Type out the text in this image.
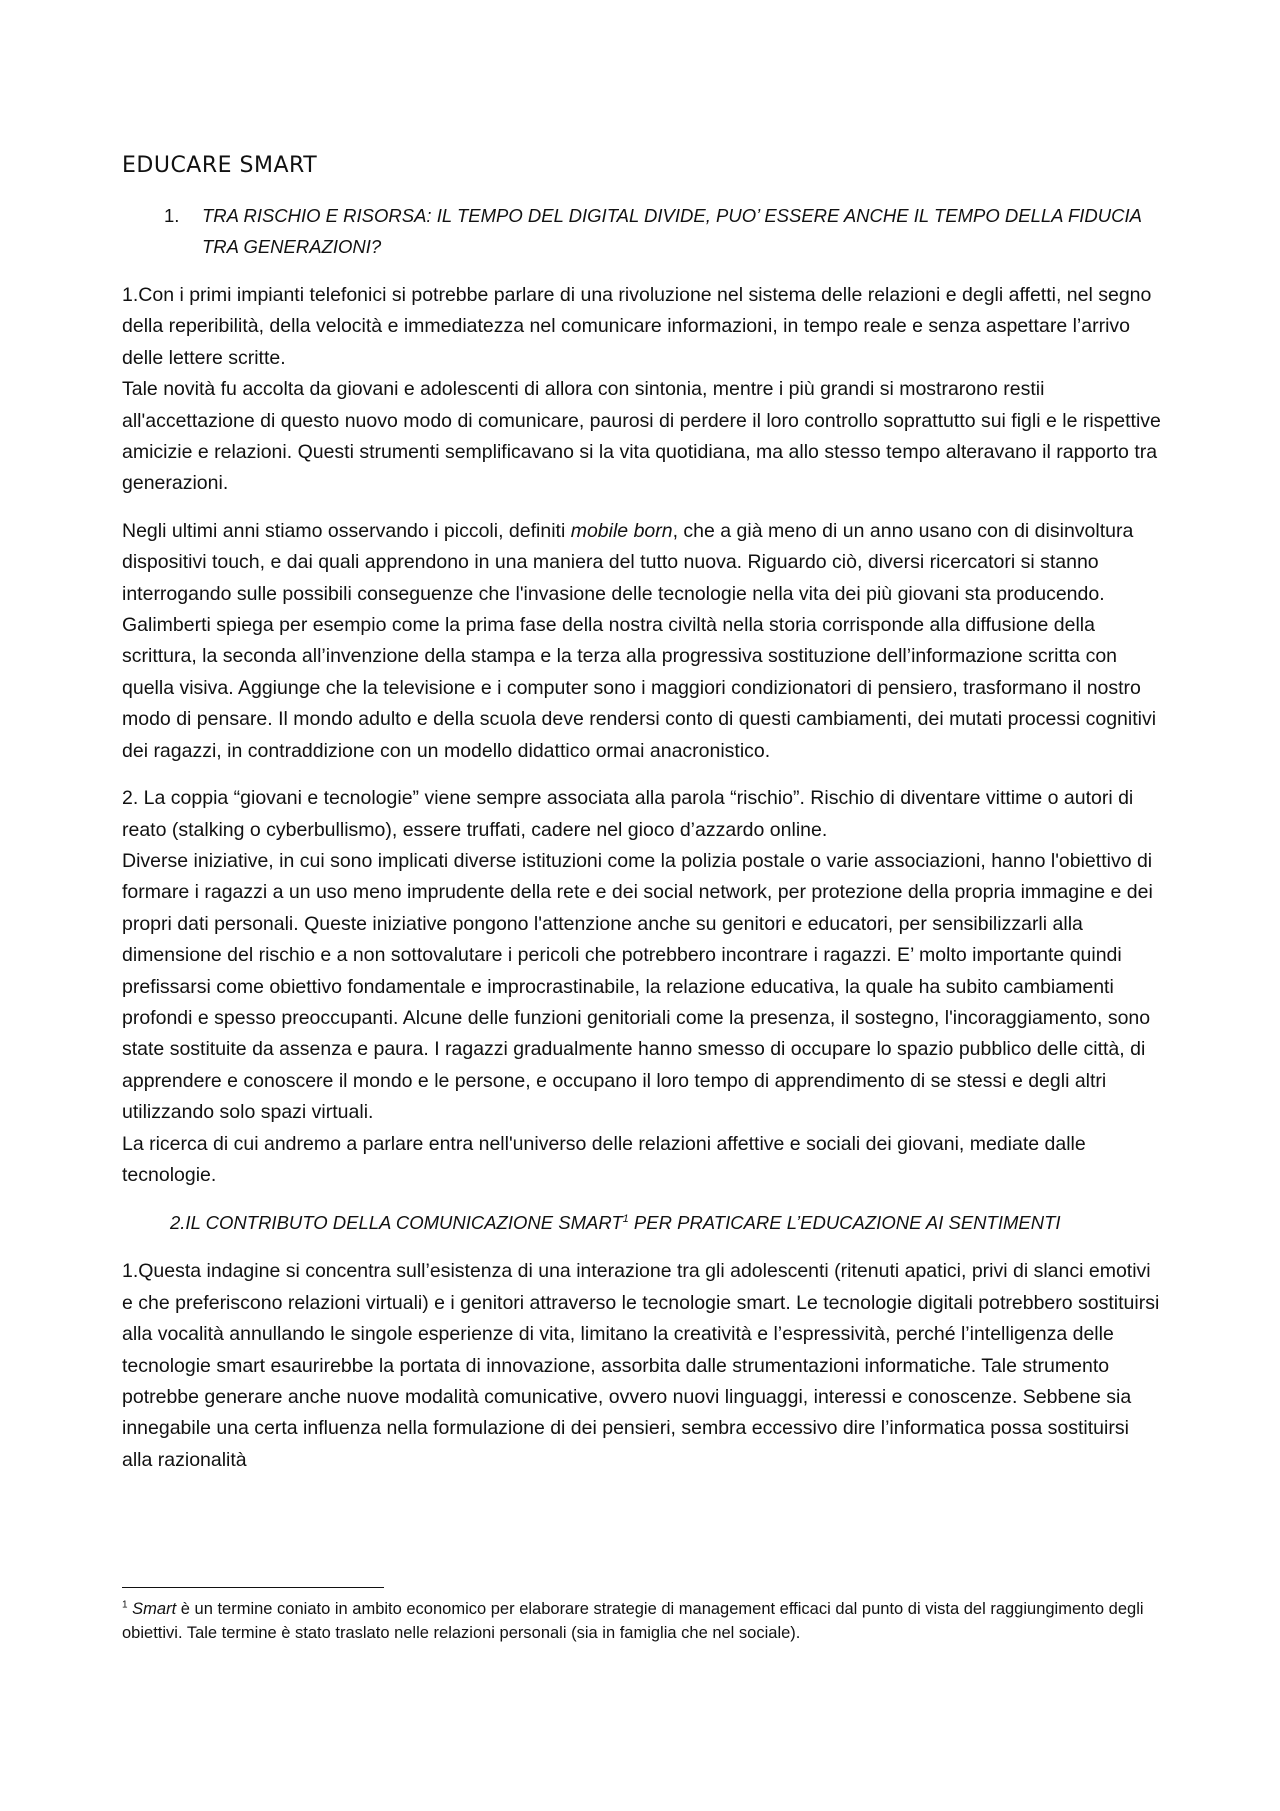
EDUCARE SMART
1.	TRA RISCHIO E RISORSA: IL TEMPO DEL DIGITAL DIVIDE, PUO’ ESSERE ANCHE IL TEMPO DELLA FIDUCIA TRA GENERAZIONI?

1.Con i primi impianti telefonici si potrebbe parlare di una rivoluzione nel sistema delle relazioni e degli affetti, nel segno della reperibilità, della velocità e immediatezza nel comunicare informazioni, in tempo reale e senza aspettare l’arrivo delle lettere scritte.
Tale novità fu accolta da giovani e adolescenti di allora con sintonia, mentre i più grandi si mostrarono restii all'accettazione di questo nuovo modo di comunicare, paurosi di perdere il loro controllo soprattutto sui figli e le rispettive amicizie e relazioni. Questi strumenti semplificavano si la vita quotidiana, ma allo stesso tempo alteravano il rapporto tra generazioni.

Negli ultimi anni stiamo osservando i piccoli, definiti mobile born, che a già meno di un anno usano con di disinvoltura dispositivi touch, e dai quali apprendono in una maniera del tutto nuova. Riguardo ciò, diversi ricercatori si stanno interrogando sulle possibili conseguenze che l'invasione delle tecnologie nella vita dei più giovani sta producendo. Galimberti spiega per esempio come la prima fase della nostra civiltà nella storia corrisponde alla diffusione della scrittura, la seconda all’invenzione della stampa e la terza alla progressiva sostituzione dell’informazione scritta con quella visiva. Aggiunge che la televisione e i computer sono i maggiori condizionatori di pensiero, trasformano il nostro modo di pensare. Il mondo adulto e della scuola deve rendersi conto di questi cambiamenti, dei mutati processi cognitivi dei ragazzi, in contraddizione con un modello didattico ormai anacronistico.

2. La coppia “giovani e tecnologie” viene sempre associata alla parola “rischio”. Rischio di diventare vittime o autori di reato (stalking o cyberbullismo), essere truffati, cadere nel gioco d’azzardo online.
Diverse iniziative, in cui sono implicati diverse istituzioni come la polizia postale o varie associazioni, hanno l'obiettivo di formare i ragazzi a un uso meno imprudente della rete e dei social network, per protezione della propria immagine e dei propri dati personali. Queste iniziative pongono l'attenzione anche su genitori e educatori, per sensibilizzarli alla dimensione del rischio e a non sottovalutare i pericoli che potrebbero incontrare i ragazzi. E’ molto importante quindi prefissarsi come obiettivo fondamentale e improcrastinabile, la relazione educativa, la quale ha subito cambiamenti profondi e spesso preoccupanti. Alcune delle funzioni genitoriali come la presenza, il sostegno, l'incoraggiamento, sono state sostituite da assenza e paura. I ragazzi gradualmente hanno smesso di occupare lo spazio pubblico delle città, di apprendere e conoscere il mondo e le persone, e occupano il loro tempo di apprendimento di se stessi e degli altri utilizzando solo spazi virtuali.
La ricerca di cui andremo a parlare entra nell'universo delle relazioni affettive e sociali dei giovani, mediate dalle tecnologie.

2.IL CONTRIBUTO DELLA COMUNICAZIONE SMART$^1$ PER PRATICARE L’EDUCAZIONE AI SENTIMENTI

1.Questa indagine si concentra sull’esistenza di una interazione tra gli adolescenti (ritenuti apatici, privi di slanci emotivi e che preferiscono relazioni virtuali) e i genitori attraverso le tecnologie smart. Le tecnologie digitali potrebbero sostituirsi alla vocalità annullando le singole esperienze di vita, limitano la creatività e l’espressività, perché l’intelligenza delle tecnologie smart esaurirebbe la portata di innovazione, assorbita dalle strumentazioni informatiche. Tale strumento potrebbe generare anche nuove modalità comunicative, ovvero nuovi linguaggi, interessi e conoscenze. Sebbene sia innegabile una certa influenza nella formulazione di dei pensieri, sembra eccessivo dire l’informatica possa sostituirsi alla razionalità

$^1$ Smart è un termine coniato in ambito economico per elaborare strategie di management efficaci dal punto di vista del raggiungimento degli obiettivi. Tale termine è stato traslato nelle relazioni personali (sia in famiglia che nel sociale).
